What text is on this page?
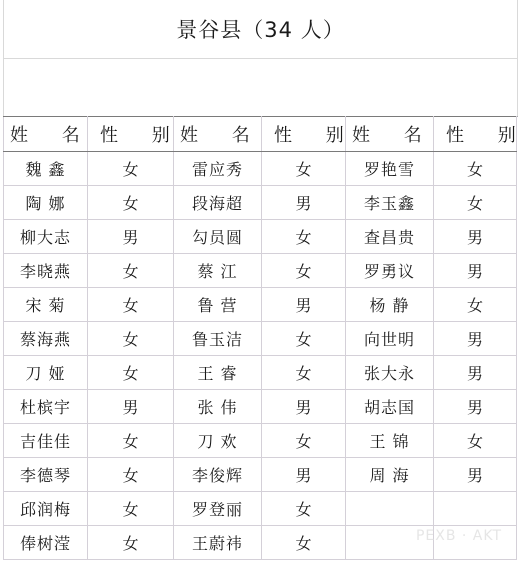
景谷县（34 人）
姓 名	性 别	姓 名	性 别	姓 名	性 别
魏 鑫	女	雷应秀	女	罗艳雪	女
陶 娜	女	段海超	男	李玉鑫	女
柳大志	男	勾员圆	女	查昌贵	男
李晓燕	女	蔡 江	女	罗勇议	男
宋 菊	女	鲁 营	男	杨 静	女
蔡海燕	女	鲁玉洁	女	向世明	男
刀 娅	女	王 睿	女	张大永	男
杜槟宇	男	张 伟	男	胡志国	男
吉佳佳	女	刀 欢	女	王 锦	女
李德琴	女	李俊辉	男	周 海	男
邱润梅	女	罗登丽	女		
俸树滢	女	王蔚祎	女			PEXB · AKT
